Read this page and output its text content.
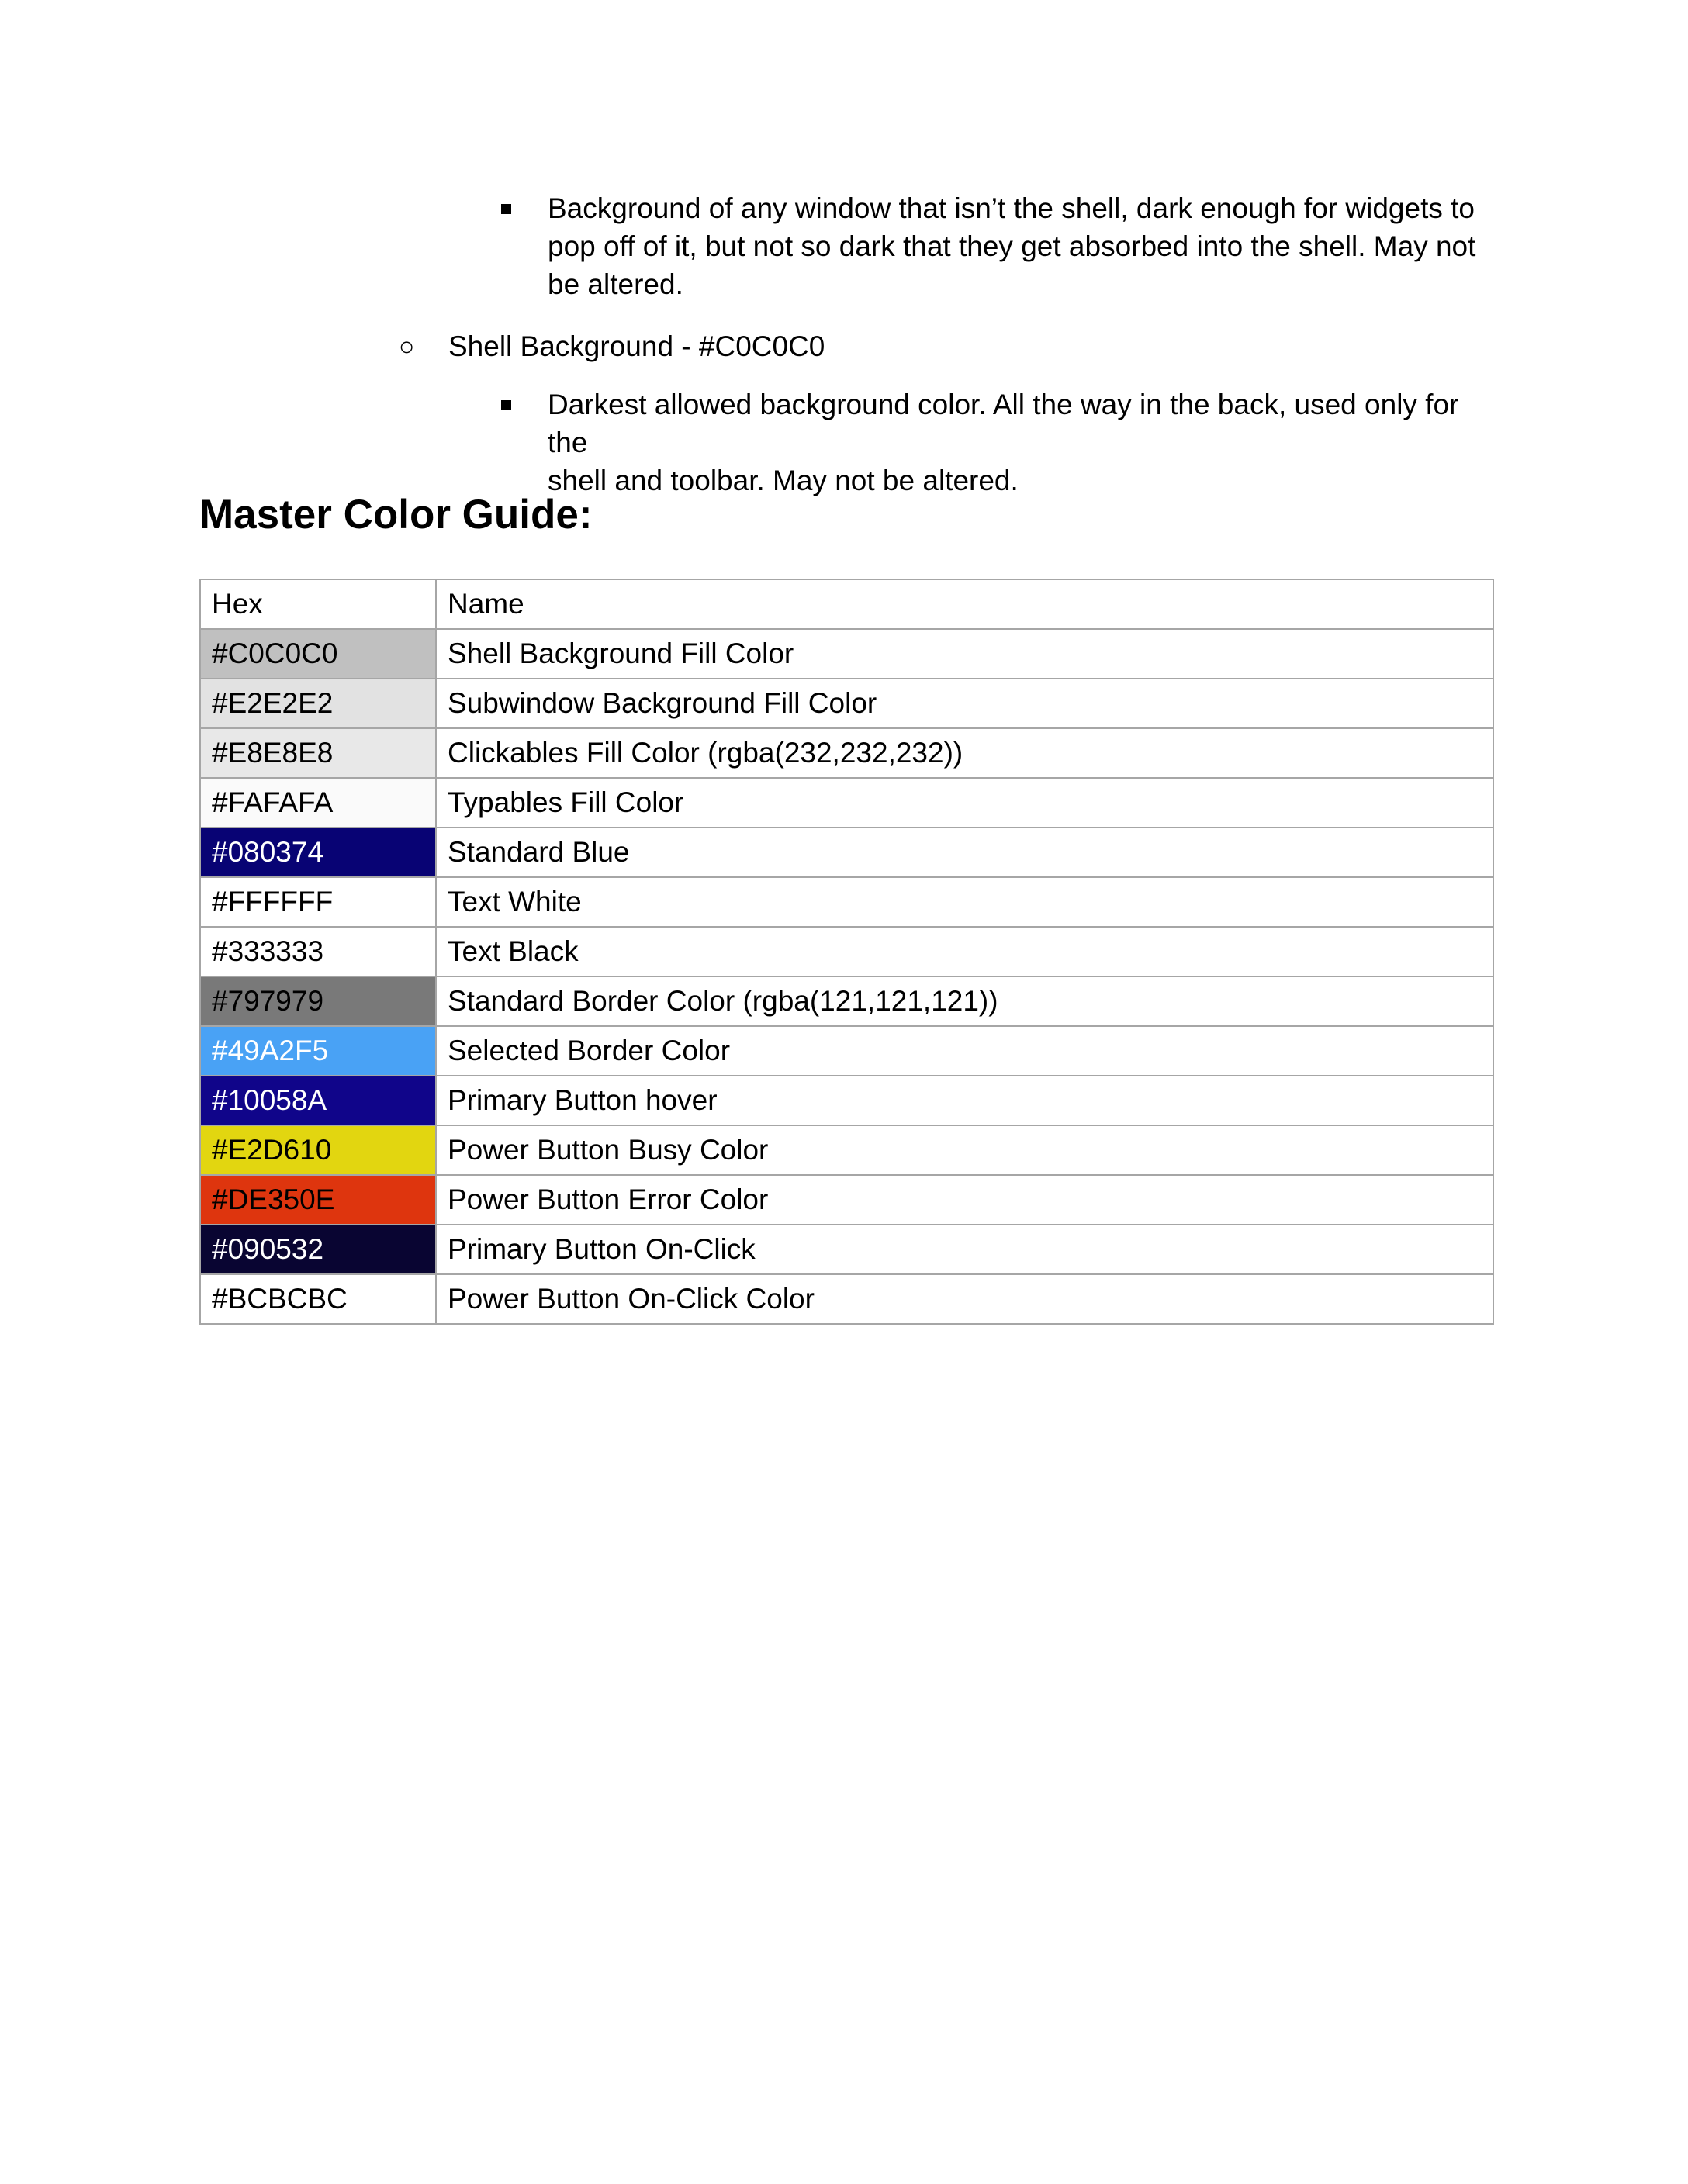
Background of any window that isn’t the shell, dark enough for widgets to
pop off of it, but not so dark that they get absorbed into the shell. May not
be altered.
○ Shell Background - #C0C0C0
Darkest allowed background color. All the way in the back, used only for the
shell and toolbar. May not be altered.
Master Color Guide:
Hex	Name
#C0C0C0	Shell Background Fill Color
#E2E2E2	Subwindow Background Fill Color
#E8E8E8	Clickables Fill Color (rgba(232,232,232))
#FAFAFA	Typables Fill Color
#080374	Standard Blue
#FFFFFF	Text White
#333333	Text Black
#797979	Standard Border Color (rgba(121,121,121))
#49A2F5	Selected Border Color
#10058A	Primary Button hover
#E2D610	Power Button Busy Color
#DE350E	Power Button Error Color
#090532	Primary Button On-Click
#BCBCBC	Power Button On-Click Color
